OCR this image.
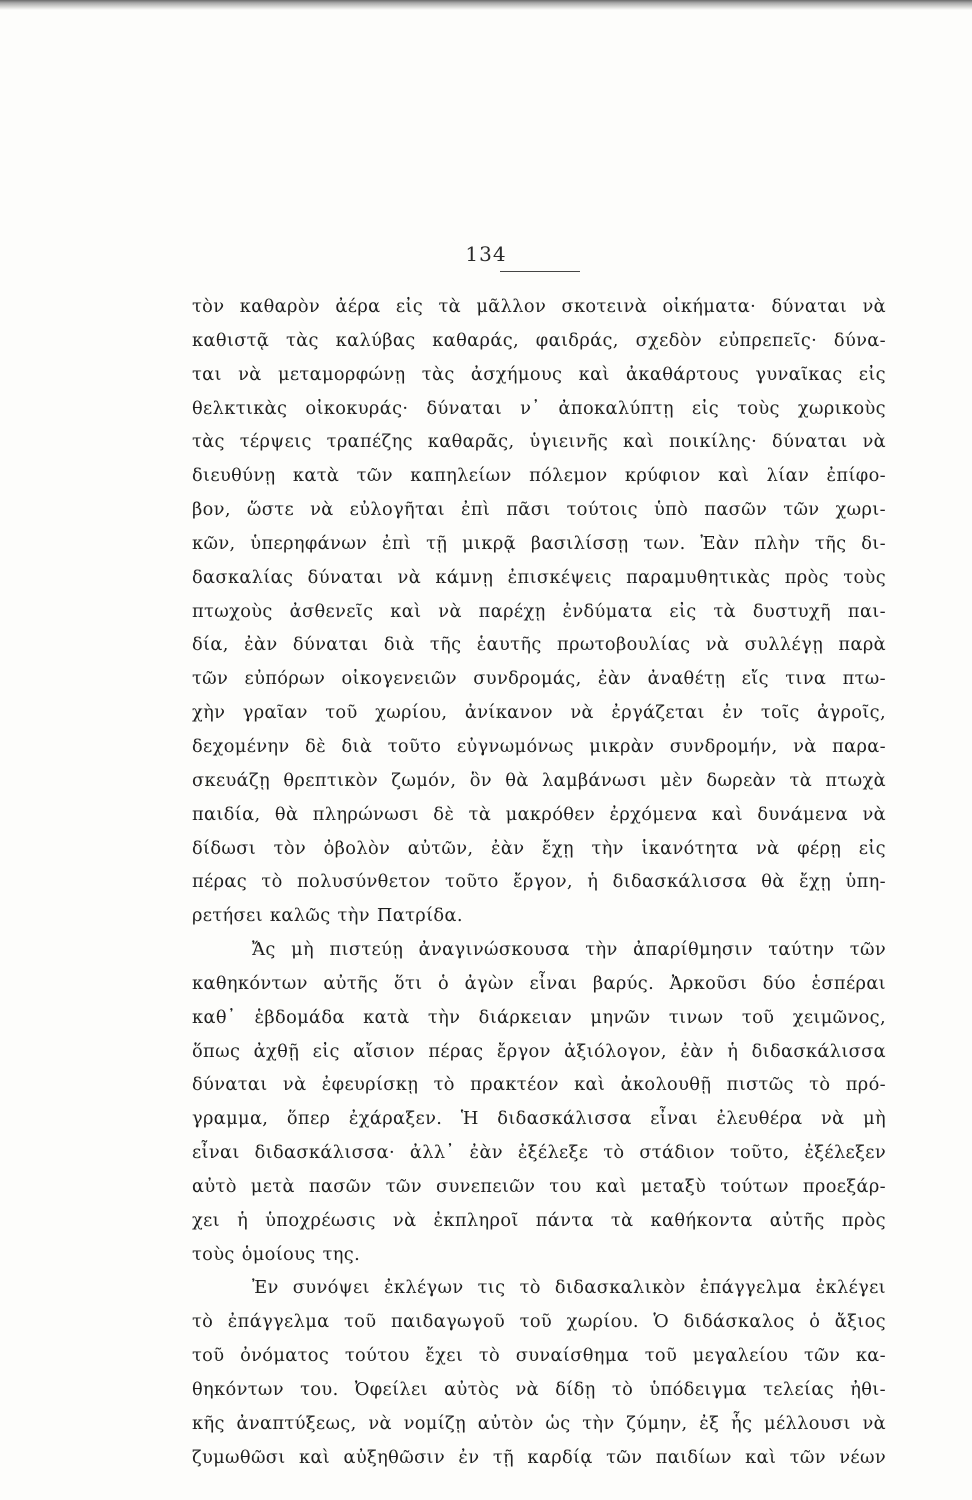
134
τὸν καθαρὸν ἀέρα εἰς τὰ μᾶλλον σκοτεινὰ οἰκήματα· δύναται νὰ
καθιστᾷ τὰς καλύβας καθαράς, φαιδράς, σχεδὸν εὐπρεπεῖς· δύνα-
ται νὰ μεταμορφώνῃ τὰς ἀσχήμους καὶ ἀκαθάρτους γυναῖκας εἰς
θελκτικὰς οἰκοκυράς· δύναται ν᾿ ἀποκαλύπτῃ εἰς τοὺς χωρικοὺς
τὰς τέρψεις τραπέζης καθαρᾶς, ὑγιεινῆς καὶ ποικίλης· δύναται νὰ
διευθύνῃ κατὰ τῶν καπηλείων πόλεμον κρύφιον καὶ λίαν ἐπίφο-
βον, ὥστε νὰ εὐλογῆται ἐπὶ πᾶσι τούτοις ὑπὸ πασῶν τῶν χωρι-
κῶν, ὑπερηφάνων ἐπὶ τῇ μικρᾷ βασιλίσσῃ των. Ἐὰν πλὴν τῆς δι-
δασκαλίας δύναται νὰ κάμνῃ ἐπισκέψεις παραμυθητικὰς πρὸς τοὺς
πτωχοὺς ἀσθενεῖς καὶ νὰ παρέχῃ ἐνδύματα εἰς τὰ δυστυχῆ παι-
δία, ἐὰν δύναται διὰ τῆς ἑαυτῆς πρωτοβουλίας νὰ συλλέγῃ παρὰ
τῶν εὐπόρων οἰκογενειῶν συνδρομάς, ἐὰν ἀναθέτῃ εἴς τινα πτω-
χὴν γραῖαν τοῦ χωρίου, ἀνίκανον νὰ ἐργάζεται ἐν τοῖς ἀγροῖς,
δεχομένην δὲ διὰ τοῦτο εὐγνωμόνως μικρὰν συνδρομήν, νὰ παρα-
σκευάζῃ θρεπτικὸν ζωμόν, ὃν θὰ λαμβάνωσι μὲν δωρεὰν τὰ πτωχὰ
παιδία, θὰ πληρώνωσι δὲ τὰ μακρόθεν ἐρχόμενα καὶ δυνάμενα νὰ
δίδωσι τὸν ὀβολὸν αὐτῶν, ἐὰν ἔχῃ τὴν ἱκανότητα νὰ φέρῃ εἰς
πέρας τὸ πολυσύνθετον τοῦτο ἔργον, ἡ διδασκάλισσα θὰ ἔχῃ ὑπη-
ρετήσει καλῶς τὴν Πατρίδα.
Ἄς μὴ πιστεύῃ ἀναγινώσκουσα τὴν ἀπαρίθμησιν ταύτην τῶν
καθηκόντων αὐτῆς ὅτι ὁ ἀγὼν εἶναι βαρύς. Ἀρκοῦσι δύο ἑσπέραι
καθ᾿ ἑβδομάδα κατὰ τὴν διάρκειαν μηνῶν τινων τοῦ χειμῶνος,
ὅπως ἀχθῇ εἰς αἴσιον πέρας ἔργον ἀξιόλογον, ἐὰν ἡ διδασκάλισσα
δύναται νὰ ἐφευρίσκῃ τὸ πρακτέον καὶ ἀκολουθῇ πιστῶς τὸ πρό-
γραμμα, ὅπερ ἐχάραξεν. Ἡ διδασκάλισσα εἶναι ἐλευθέρα νὰ μὴ
εἶναι διδασκάλισσα· ἀλλ᾿ ἐὰν ἐξέλεξε τὸ στάδιον τοῦτο, ἐξέλεξεν
αὐτὸ μετὰ πασῶν τῶν συνεπειῶν του καὶ μεταξὺ τούτων προεξάρ-
χει ἡ ὑποχρέωσις νὰ ἐκπληροῖ πάντα τὰ καθήκοντα αὐτῆς πρὸς
τοὺς ὁμοίους της.
Ἐν συνόψει ἐκλέγων τις τὸ διδασκαλικὸν ἐπάγγελμα ἐκλέγει
τὸ ἐπάγγελμα τοῦ παιδαγωγοῦ τοῦ χωρίου. Ὁ διδάσκαλος ὁ ἄξιος
τοῦ ὀνόματος τούτου ἔχει τὸ συναίσθημα τοῦ μεγαλείου τῶν κα-
θηκόντων του. Ὀφείλει αὐτὸς νὰ δίδῃ τὸ ὑπόδειγμα τελείας ἠθι-
κῆς ἀναπτύξεως, νὰ νομίζῃ αὐτὸν ὡς τὴν ζύμην, ἐξ ἧς μέλλουσι νὰ
ζυμωθῶσι καὶ αὐξηθῶσιν ἐν τῇ καρδίᾳ τῶν παιδίων καὶ τῶν νέων
